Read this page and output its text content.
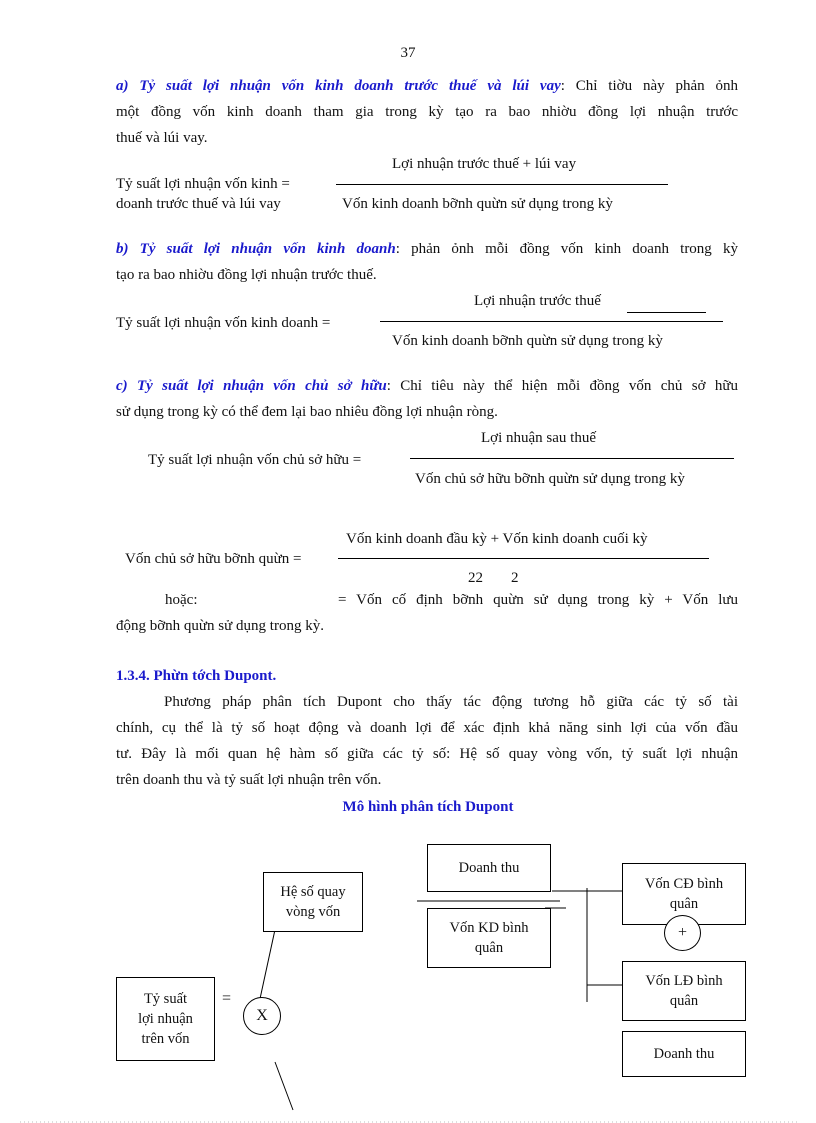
37
a) Tỷ suất lợi nhuận vốn kinh doanh trước thuế và lúi vay: Chỉ tiờu này phản ỏnh
một đồng vốn kinh doanh tham gia trong kỳ tạo ra bao nhiờu đồng lợi nhuận trước
thuế và lúi vay.
Lợi nhuận trước thuế + lúi vay
Tỷ suất lợi nhuận vốn kinh =
doanh trước thuế và lúi vay	Vốn kinh doanh bỡnh quừn sử dụng trong kỳ
b) Tỷ suất lợi nhuận vốn kinh doanh: phản ỏnh mỗi đồng vốn kinh doanh trong kỳ
tạo ra bao nhiờu đồng lợi nhuận trước thuế.
Lợi nhuận trước thuế
Tỷ suất lợi nhuận vốn kinh doanh =
Vốn kinh doanh bỡnh quừn sử dụng trong kỳ
c) Tỷ suất lợi nhuận vốn chủ sở hữu: Chỉ tiêu này thể hiện mỗi đồng vốn chủ sở hữu
sử dụng trong kỳ có thể đem lại bao nhiêu đồng lợi nhuận ròng.
Lợi nhuận sau thuế
Tỷ suất lợi nhuận vốn chủ sở hữu =
Vốn chủ sở hữu bỡnh quừn sử dụng trong kỳ
Vốn kinh doanh đầu kỳ + Vốn kinh doanh cuối kỳ
Vốn chủ sở hữu bỡnh quừn =
22 2
hoặc:	= Vốn cố định bỡnh quừn sử dụng trong kỳ + Vốn lưu
động bỡnh quừn sử dụng trong kỳ.
1.3.4. Phừn tớch Dupont.
Phương pháp phân tích Dupont cho thấy tác động tương hỗ giữa các tỷ số tài
chính, cụ thể là tỷ số hoạt động và doanh lợi để xác định khả năng sinh lợi của vốn đầu
tư. Đây là mối quan hệ hàm số giữa các tỷ số: Hệ số quay vòng vốn, tỷ suất lợi nhuận
trên doanh thu và tỷ suất lợi nhuận trên vốn.
Mô hình phân tích Dupont
Tỷ suất
lợi nhuận
trên vốn
=
X
Hệ số quay
vòng vốn
Doanh thu
Vốn KD bình
quân
Vốn CĐ bình
quân
+
Vốn LĐ bình
quân
Doanh thu
